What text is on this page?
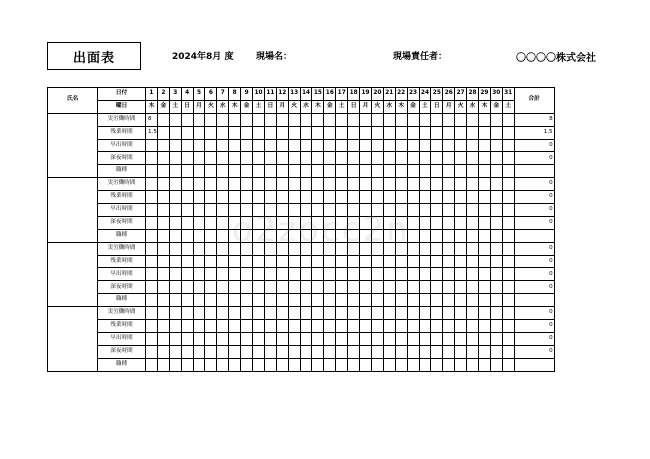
出面表	2024年8月 度	現場名：	現場責任者：	〇〇〇〇株式会社
氏名	日付	1	2	3	4	5	6	7	8	9	10	11	12	13	14	15	16	17	18	19	20	21	22	23	24	25	26	27	28	29	30	31	合計
	曜日	木	金	土	日	月	火	水	木	金	土	日	月	火	水	木	金	土	日	月	火	水	木	金	土	日	月	火	水	木	金	土	
	実労働時間	8																															8
	残業時間	1.5																															1.5
	早出時間																																0
	深夜時間																																0
	職種																																
	実労働時間																																0
	残業時間																																0
	早出時間																																0
	深夜時間																																0
	職種																																
	実労働時間																																0
	残業時間																																0
	早出時間																																0
	深夜時間																																0
	職種																																
	実労働時間																																0
	残業時間																																0
	早出時間																																0
	深夜時間																																0
	職種																																
o2zocc2n
